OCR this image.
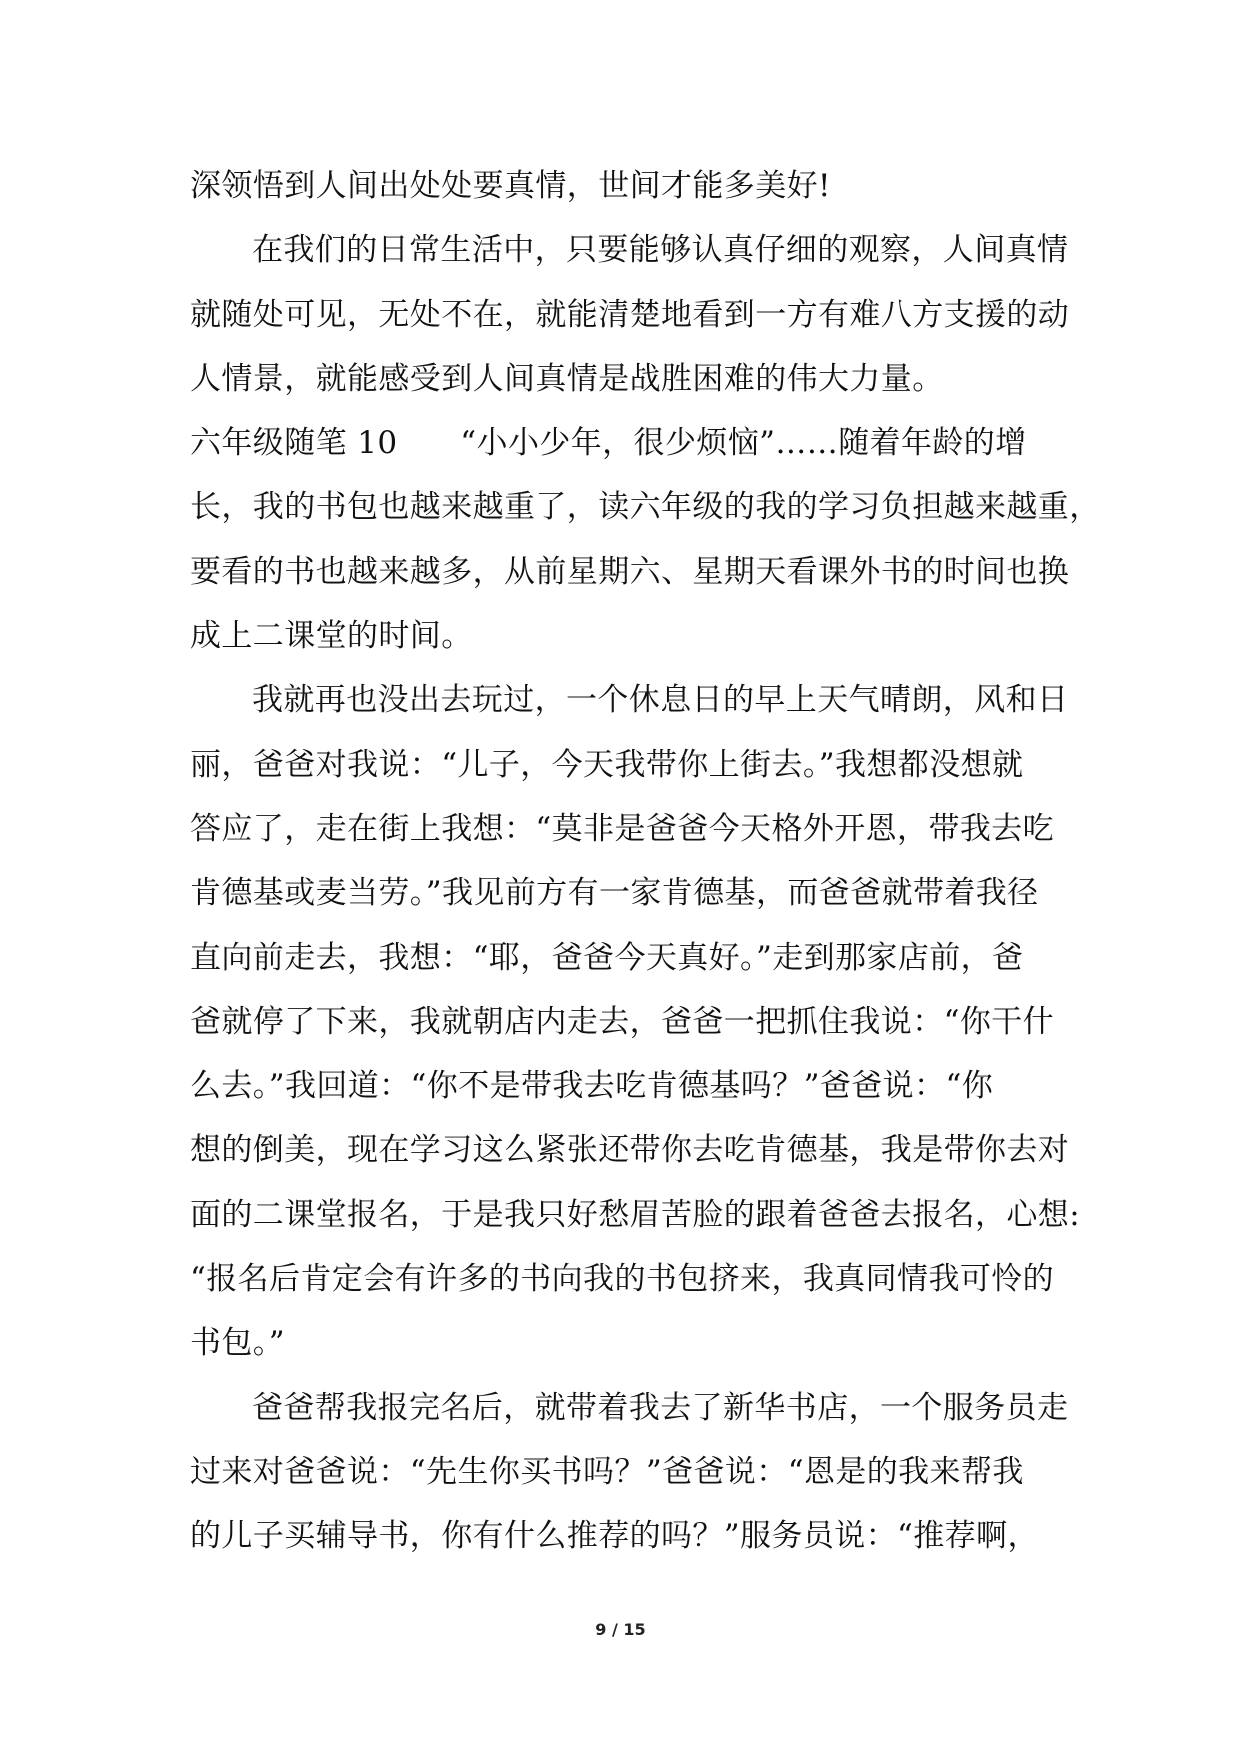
深领悟到人间出处处要真情，世间才能多美好!
在我们的日常生活中，只要能够认真仔细的观察，人间真情
就随处可见，无处不在，就能清楚地看到一方有难八方支援的动
人情景，就能感受到人间真情是战胜困难的伟大力量。
六年级随笔 10　　“小小少年，很少烦恼”……随着年龄的增
长，我的书包也越来越重了，读六年级的我的学习负担越来越重，
要看的书也越来越多，从前星期六、星期天看课外书的时间也换
成上二课堂的时间。
我就再也没出去玩过，一个休息日的早上天气晴朗，风和日
丽，爸爸对我说：“儿子，今天我带你上街去。”我想都没想就
答应了，走在街上我想：“莫非是爸爸今天格外开恩，带我去吃
肯德基或麦当劳。”我见前方有一家肯德基，而爸爸就带着我径
直向前走去，我想：“耶，爸爸今天真好。”走到那家店前，爸
爸就停了下来，我就朝店内走去，爸爸一把抓住我说：“你干什
么去。”我回道：“你不是带我去吃肯德基吗？”爸爸说：“你
想的倒美，现在学习这么紧张还带你去吃肯德基，我是带你去对
面的二课堂报名，于是我只好愁眉苦脸的跟着爸爸去报名，心想:
“报名后肯定会有许多的书向我的书包挤来，我真同情我可怜的
书包。”
爸爸帮我报完名后，就带着我去了新华书店，一个服务员走
过来对爸爸说：“先生你买书吗？”爸爸说：“恩是的我来帮我
的儿子买辅导书，你有什么推荐的吗？”服务员说：“推荐啊，
9 / 15
